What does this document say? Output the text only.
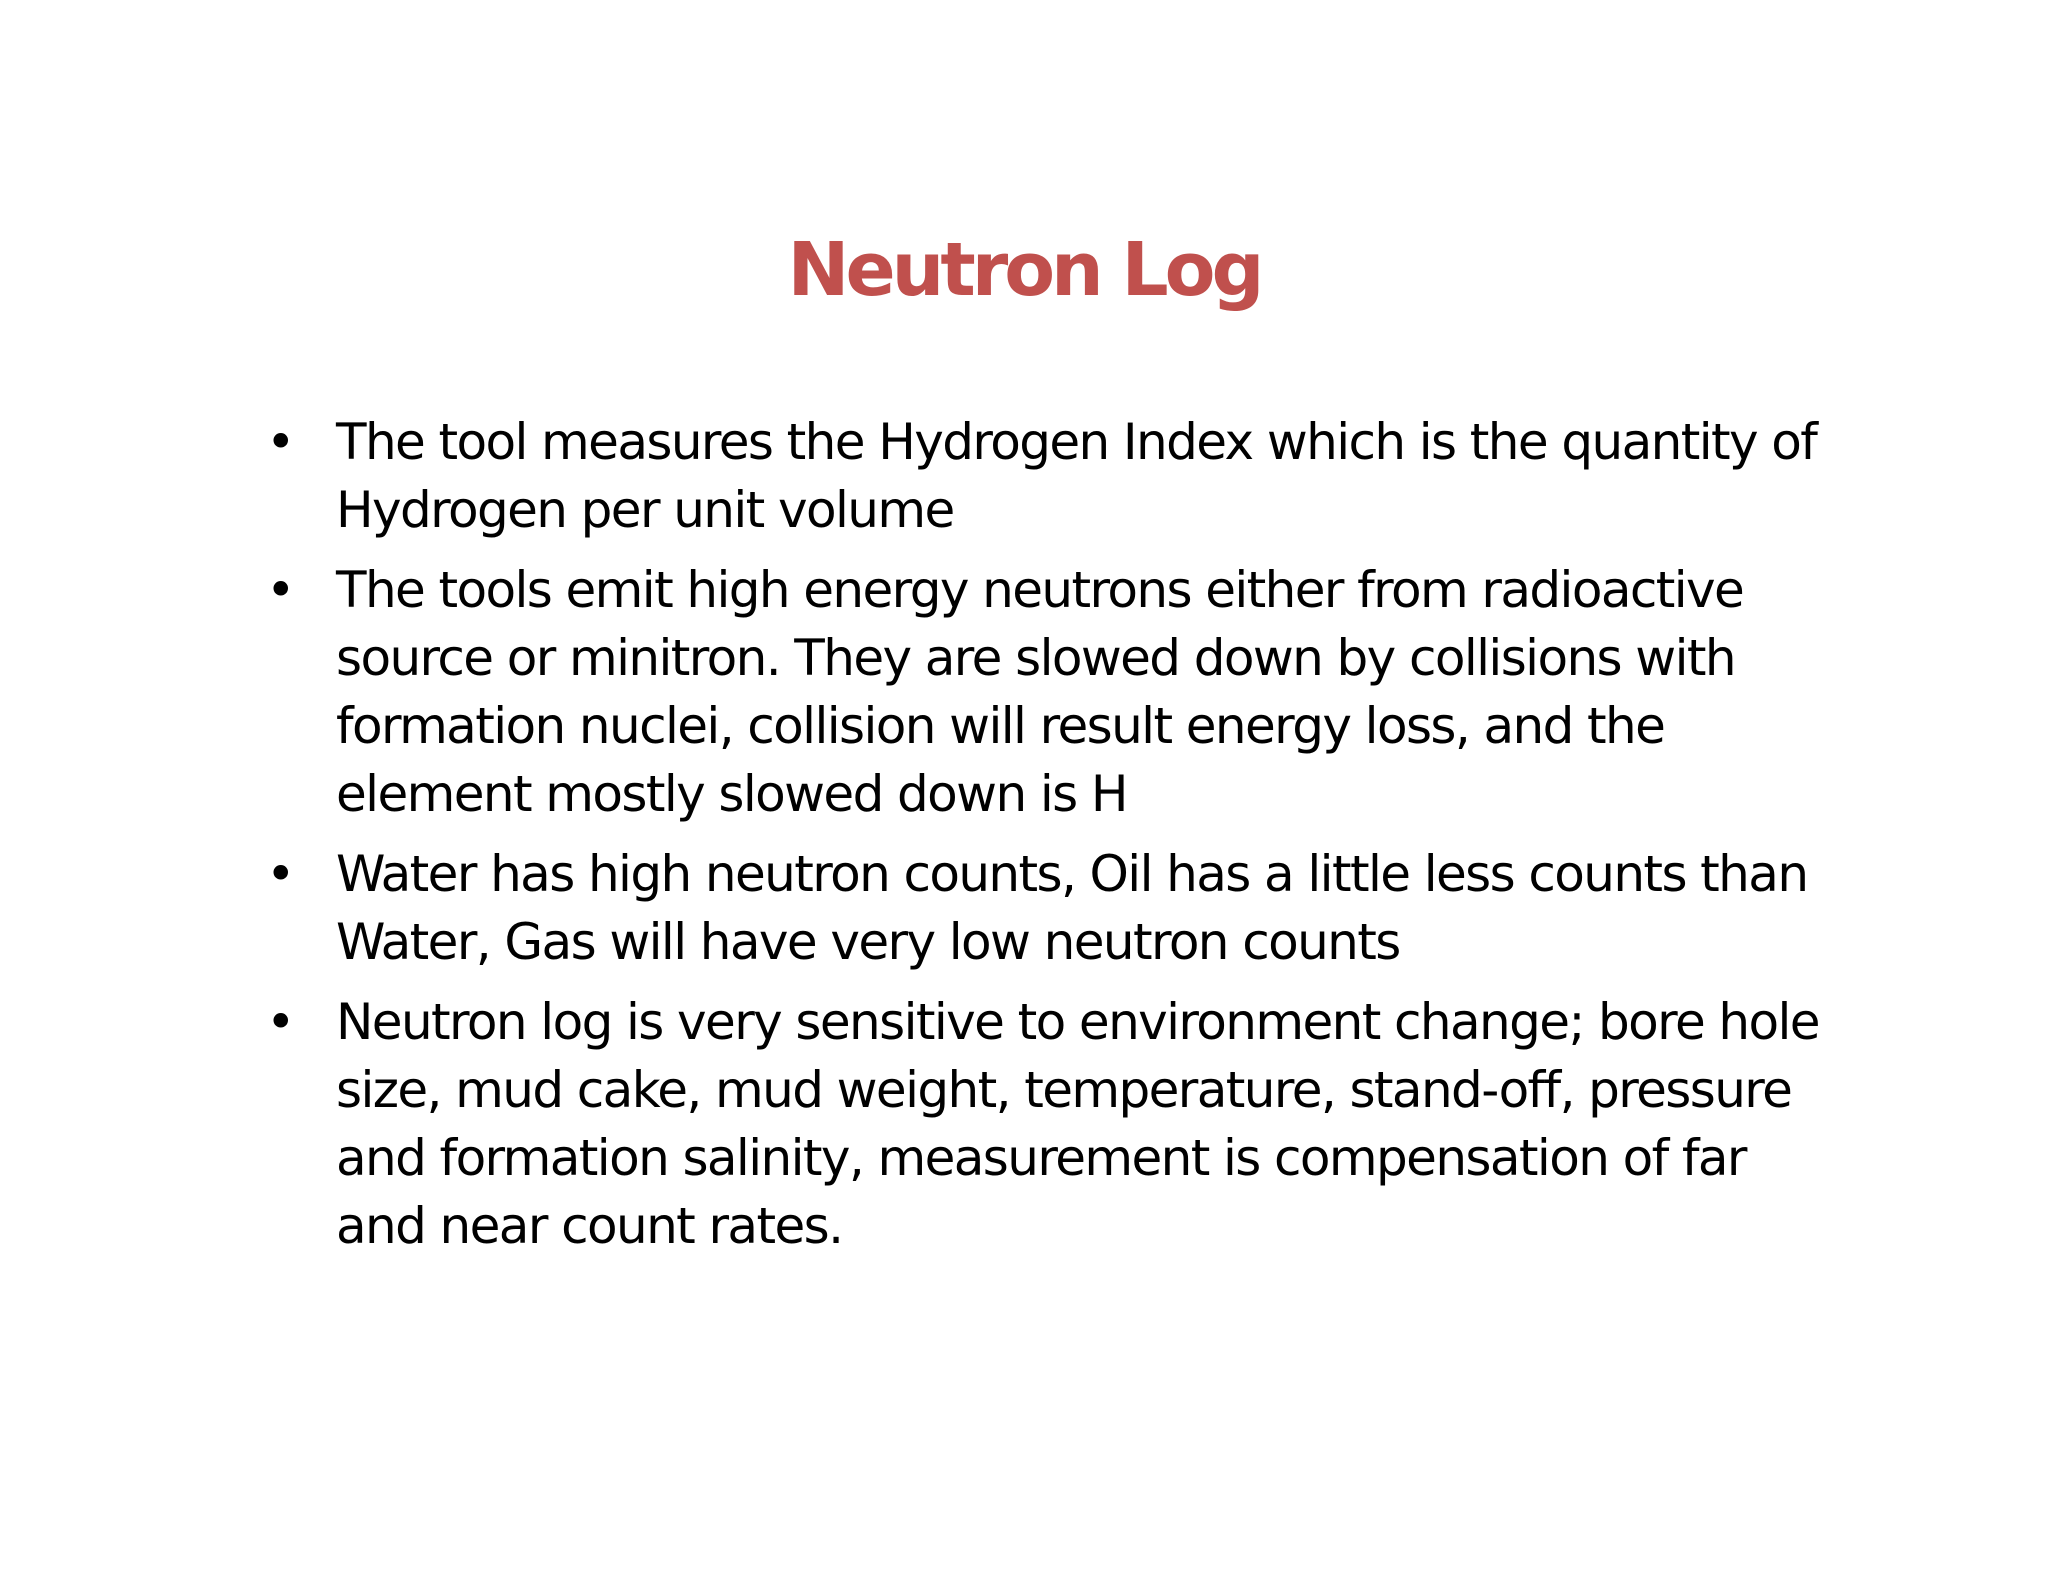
Neutron Log
• The tool measures the Hydrogen Index which is the quantity of Hydrogen per unit volume
• The tools emit high energy neutrons either from radioactive source or minitron. They are slowed down by collisions with formation nuclei, collision will result energy loss, and the element mostly slowed down is H
• Water has high neutron counts, Oil has a little less counts than Water, Gas will have very low neutron counts
• Neutron log is very sensitive to environment change; bore hole size, mud cake, mud weight, temperature, stand-off, pressure and formation salinity, measurement is compensation of far and near count rates.
